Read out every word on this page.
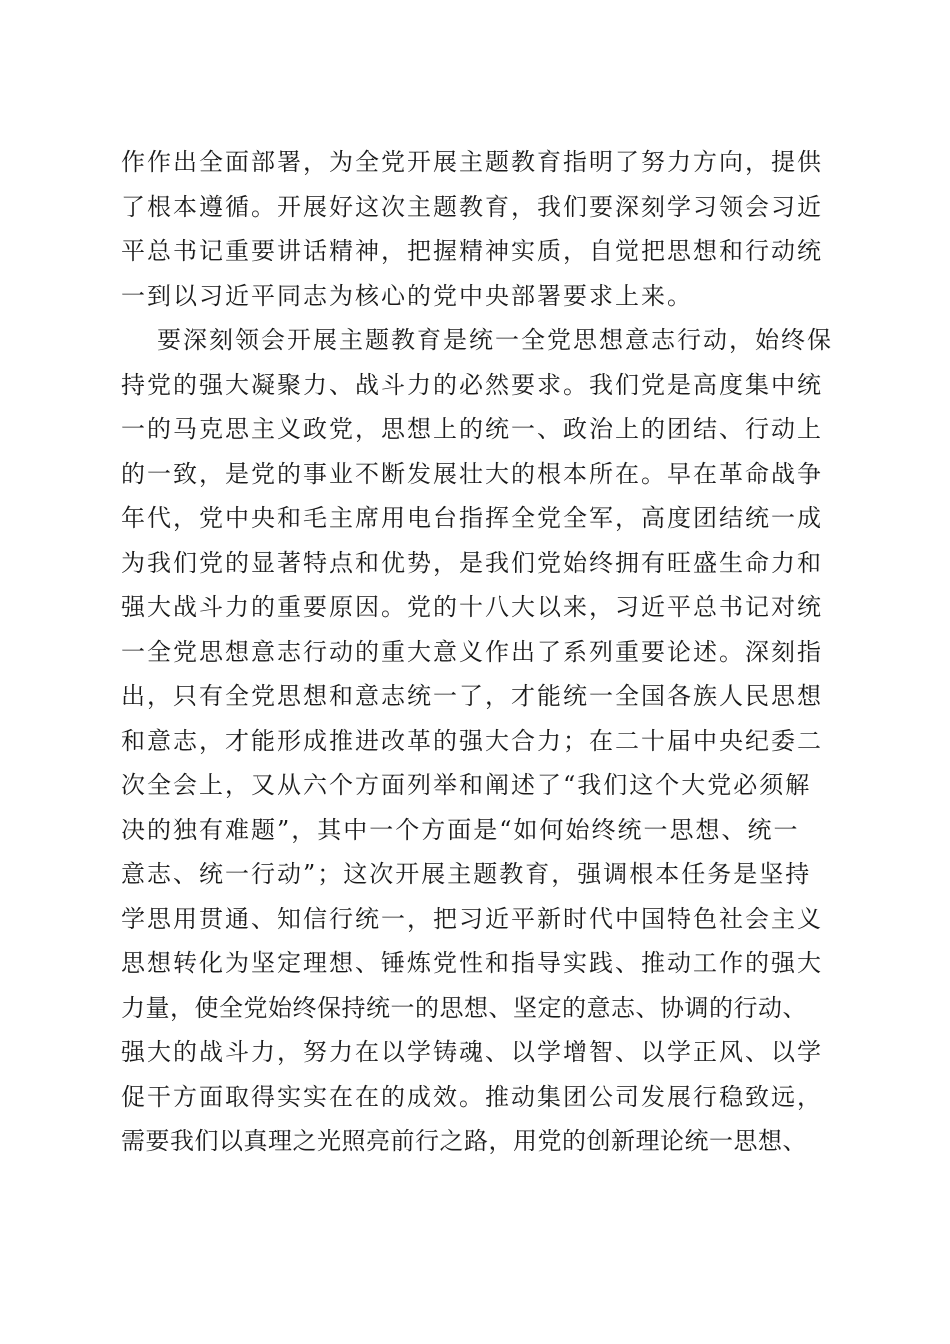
作作出全面部署，为全党开展主题教育指明了努力方向，提供
了根本遵循。开展好这次主题教育，我们要深刻学习领会习近
平总书记重要讲话精神，把握精神实质，自觉把思想和行动统
一到以习近平同志为核心的党中央部署要求上来。
要深刻领会开展主题教育是统一全党思想意志行动，始终保
持党的强大凝聚力、战斗力的必然要求。我们党是高度集中统
一的马克思主义政党，思想上的统一、政治上的团结、行动上
的一致，是党的事业不断发展壮大的根本所在。早在革命战争
年代，党中央和毛主席用电台指挥全党全军，高度团结统一成
为我们党的显著特点和优势，是我们党始终拥有旺盛生命力和
强大战斗力的重要原因。党的十八大以来，习近平总书记对统
一全党思想意志行动的重大意义作出了系列重要论述。深刻指
出，只有全党思想和意志统一了，才能统一全国各族人民思想
和意志，才能形成推进改革的强大合力；在二十届中央纪委二
次全会上，又从六个方面列举和阐述了“我们这个大党必须解
决的独有难题”，其中一个方面是“如何始终统一思想、统一
意志、统一行动”；这次开展主题教育，强调根本任务是坚持
学思用贯通、知信行统一，把习近平新时代中国特色社会主义
思想转化为坚定理想、锤炼党性和指导实践、推动工作的强大
力量，使全党始终保持统一的思想、坚定的意志、协调的行动、
强大的战斗力，努力在以学铸魂、以学增智、以学正风、以学
促干方面取得实实在在的成效。推动集团公司发展行稳致远，
需要我们以真理之光照亮前行之路，用党的创新理论统一思想、
